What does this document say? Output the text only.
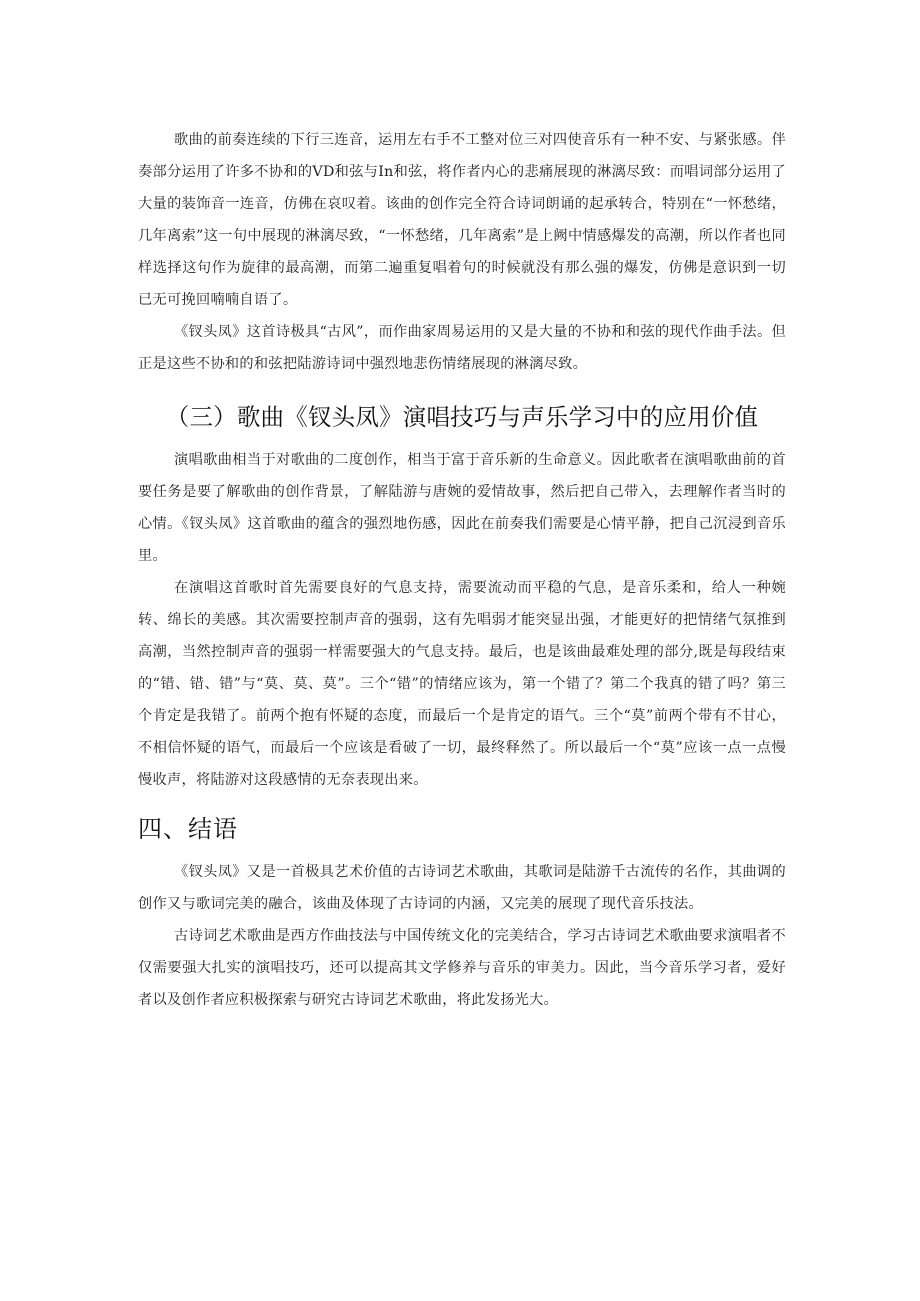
歌曲的前奏连续的下行三连音，运用左右手不工整对位三对四使音乐有一种不安、与紧张感。伴奏部分运用了许多不协和的VD和弦与In和弦，将作者内心的悲痛展现的淋漓尽致：而唱词部分运用了大量的装饰音一连音，仿佛在哀叹着。该曲的创作完全符合诗词朗诵的起承转合，特别在“一怀愁绪，几年离索”这一句中展现的淋漓尽致，“一怀愁绪，几年离索”是上阙中情感爆发的高潮，所以作者也同样选择这句作为旋律的最高潮，而第二遍重复唱着句的时候就没有那么强的爆发，仿佛是意识到一切已无可挽回喃喃自语了。

《钗头凤》这首诗极具“古风”，而作曲家周易运用的又是大量的不协和和弦的现代作曲手法。但正是这些不协和的和弦把陆游诗词中强烈地悲伤情绪展现的淋漓尽致。

（三）歌曲《钗头凤》演唱技巧与声乐学习中的应用价值

演唱歌曲相当于对歌曲的二度创作，相当于富于音乐新的生命意义。因此歌者在演唱歌曲前的首要任务是要了解歌曲的创作背景，了解陆游与唐婉的爱情故事，然后把自己带入，去理解作者当时的心情。《钗头凤》这首歌曲的蕴含的强烈地伤感，因此在前奏我们需要是心情平静，把自己沉浸到音乐里。

在演唱这首歌时首先需要良好的气息支持，需要流动而平稳的气息，是音乐柔和，给人一种婉转、绵长的美感。其次需要控制声音的强弱，这有先唱弱才能突显出强，才能更好的把情绪气氛推到高潮，当然控制声音的强弱一样需要强大的气息支持。最后，也是该曲最难处理的部分,既是每段结束的“错、错、错”与“莫、莫、莫”。三个“错”的情绪应该为，第一个错了？第二个我真的错了吗？第三个肯定是我错了。前两个抱有怀疑的态度，而最后一个是肯定的语气。三个“莫”前两个带有不甘心，不相信怀疑的语气，而最后一个应该是看破了一切，最终释然了。所以最后一个“莫”应该一点一点慢慢收声，将陆游对这段感情的无奈表现出来。

四、结语

《钗头凤》又是一首极具艺术价值的古诗词艺术歌曲，其歌词是陆游千古流传的名作，其曲调的创作又与歌词完美的融合，该曲及体现了古诗词的内涵，又完美的展现了现代音乐技法。

古诗词艺术歌曲是西方作曲技法与中国传统文化的完美结合，学习古诗词艺术歌曲要求演唱者不仅需要强大扎实的演唱技巧，还可以提高其文学修养与音乐的审美力。因此，当今音乐学习者，爱好者以及创作者应积极探索与研究古诗词艺术歌曲，将此发扬光大。
